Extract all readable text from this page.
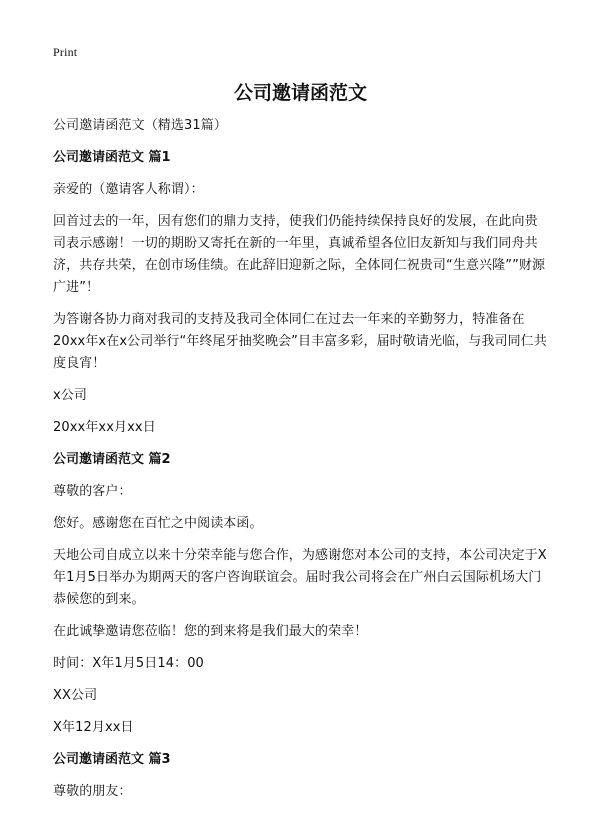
Print
公司邀请函范文
公司邀请函范文（精选31篇）
公司邀请函范文 篇1
亲爱的（邀请客人称谓）：
回首过去的一年，因有您们的鼎力支持，使我们仍能持续保持良好的发展，在此向贵司表示感谢！一切的期盼又寄托在新的一年里，真诚希望各位旧友新知与我们同舟共济，共存共荣，在创市场佳绩。在此辞旧迎新之际，全体同仁祝贵司“生意兴隆””财源广进”！
为答谢各协力商对我司的支持及我司全体同仁在过去一年来的辛勤努力，特准备在20xx年x在x公司举行“年终尾牙抽奖晚会”目丰富多彩，届时敬请光临，与我司同仁共度良宵！
x公司
20xx年xx月xx日
公司邀请函范文 篇2
尊敬的客户：
您好。感谢您在百忙之中阅读本函。
天地公司自成立以来十分荣幸能与您合作，为感谢您对本公司的支持，本公司决定于X年1月5日举办为期两天的客户咨询联谊会。届时我公司将会在广州白云国际机场大门恭候您的到来。
在此诚挚邀请您莅临！您的到来将是我们最大的荣幸！
时间：X年1月5日14：00
XX公司
X年12月xx日
公司邀请函范文 篇3
尊敬的朋友：
